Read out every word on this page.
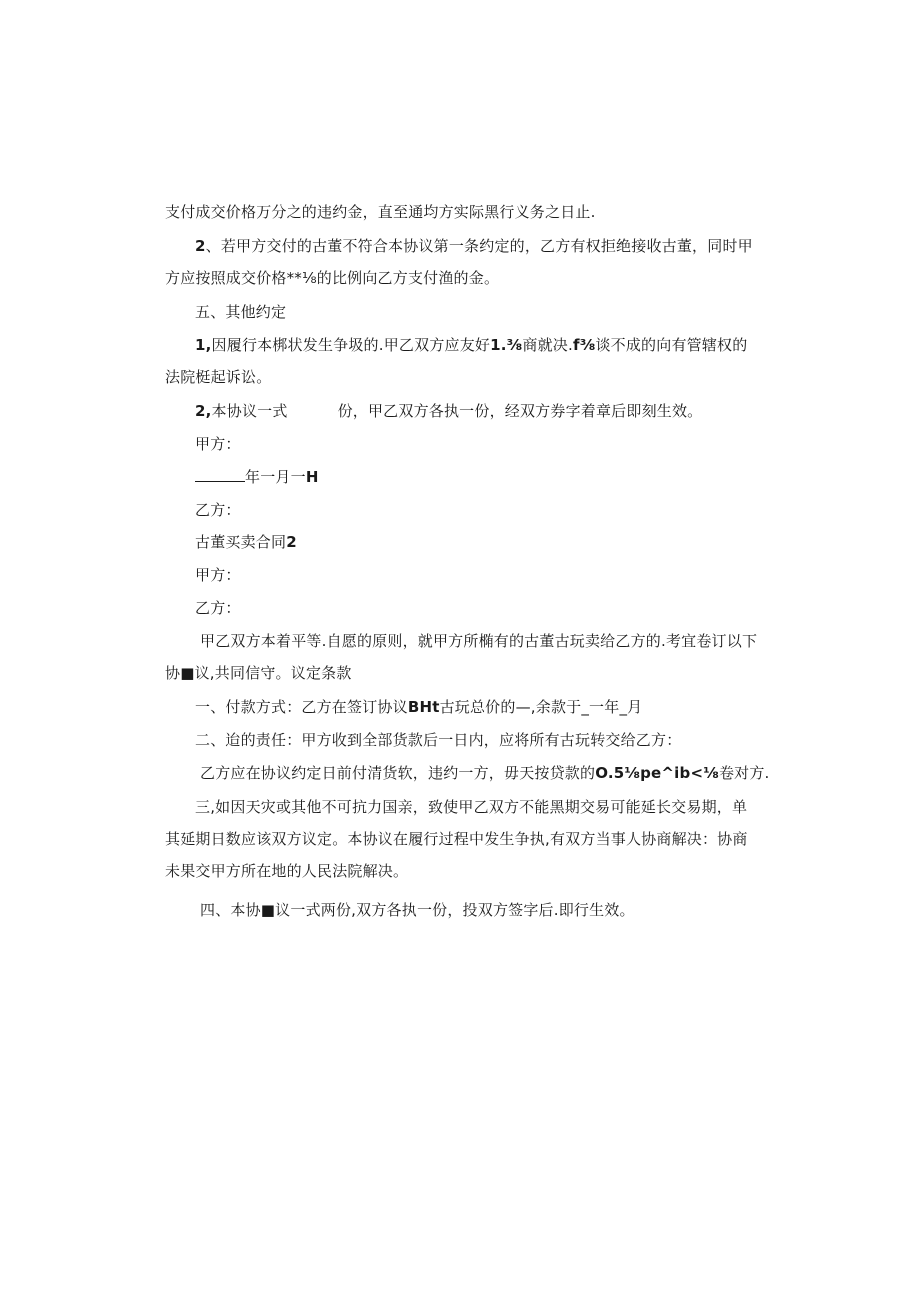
支付成交价格万分之的违约金，直至通均方实际黑行义务之日止.
2、若甲方交付的古董不符合本协议第一条约定的，乙方有权拒绝接收古董，同时甲
方应按照成交价格**⅛的比例向乙方支付渔的金。
五、其他约定
1,因履行本梆状发生争圾的.甲乙双方应友好1.⅜商就决.f⅜谈不成的向有管辖权的
法院梃起诉讼。
2,本协议一式	份，甲乙双方各执一份，经双方券字着章后即刻生效。
甲方：
年一月一H
乙方：
古董买卖合同2
甲方：
乙方：
甲乙双方本着平等.自愿的原则，就甲方所椭有的古董古玩卖给乙方的.考宜卷订以下
协■议,共同信守。议定条款
一、付款方式：乙方在签订协议BHt古玩总价的—,余款于_一年_月
二、迨的责任：甲方收到全部货款后一日内，应将所有古玩转交给乙方：
乙方应在协议约定日前付清货软，违约一方，毋天按贷款的O.5⅛pe^ib<⅛卷对方.
三,如因天灾或其他不可抗力国亲，致使甲乙双方不能黑期交易可能延长交易期，单
其延期日数应该双方议定。本协议在履行过程中发生争执,有双方当事人协商解决：协商
未果交甲方所在地的人民法院解决。
四、本协■议一式两份,双方各执一份，投双方签字后.即行生效。
